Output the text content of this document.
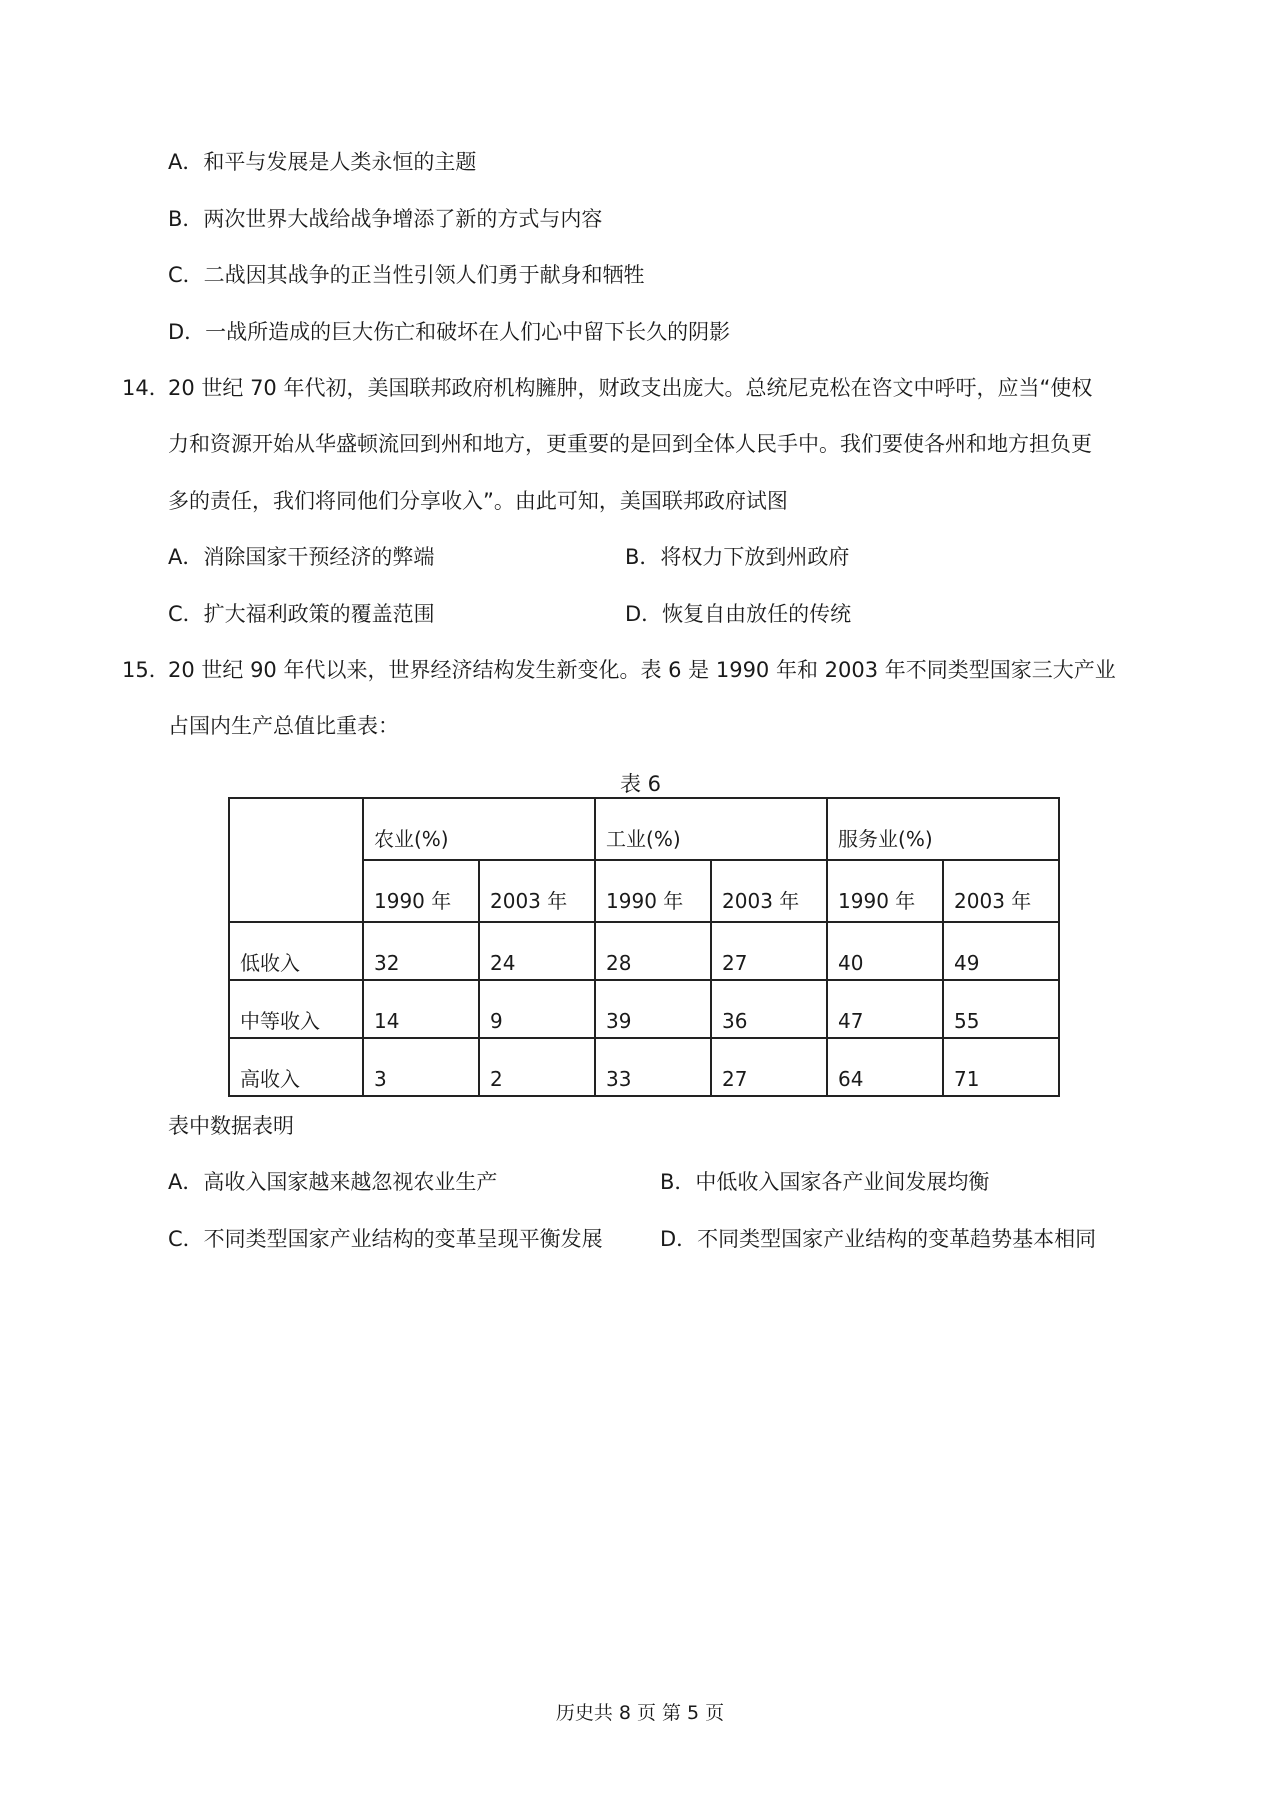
A．和平与发展是人类永恒的主题
B．两次世界大战给战争增添了新的方式与内容
C．二战因其战争的正当性引领人们勇于献身和牺牲
D．一战所造成的巨大伤亡和破坏在人们心中留下长久的阴影
14．
20 世纪 70 年代初，美国联邦政府机构臃肿，财政支出庞大。总统尼克松在咨文中呼吁，应当“使权
力和资源开始从华盛顿流回到州和地方，更重要的是回到全体人民手中。我们要使各州和地方担负更
多的责任，我们将同他们分享收入”。由此可知，美国联邦政府试图
A．消除国家干预经济的弊端	B．将权力下放到州政府
C．扩大福利政策的覆盖范围	D．恢复自由放任的传统
15．
20 世纪 90 年代以来，世界经济结构发生新变化。表 6 是 1990 年和 2003 年不同类型国家三大产业
占国内生产总值比重表：
表 6
	农业(%)		工业(%)		服务业(%)	
	1990 年	2003 年	1990 年	2003 年	1990 年	2003 年
低收入	32	24	28	27	40	49
中等收入	14	9	39	36	47	55
高收入	3	2	33	27	64	71
表中数据表明
A．高收入国家越来越忽视农业生产	B．中低收入国家各产业间发展均衡
C．不同类型国家产业结构的变革呈现平衡发展	D．不同类型国家产业结构的变革趋势基本相同
历史共 8 页 第 5 页
